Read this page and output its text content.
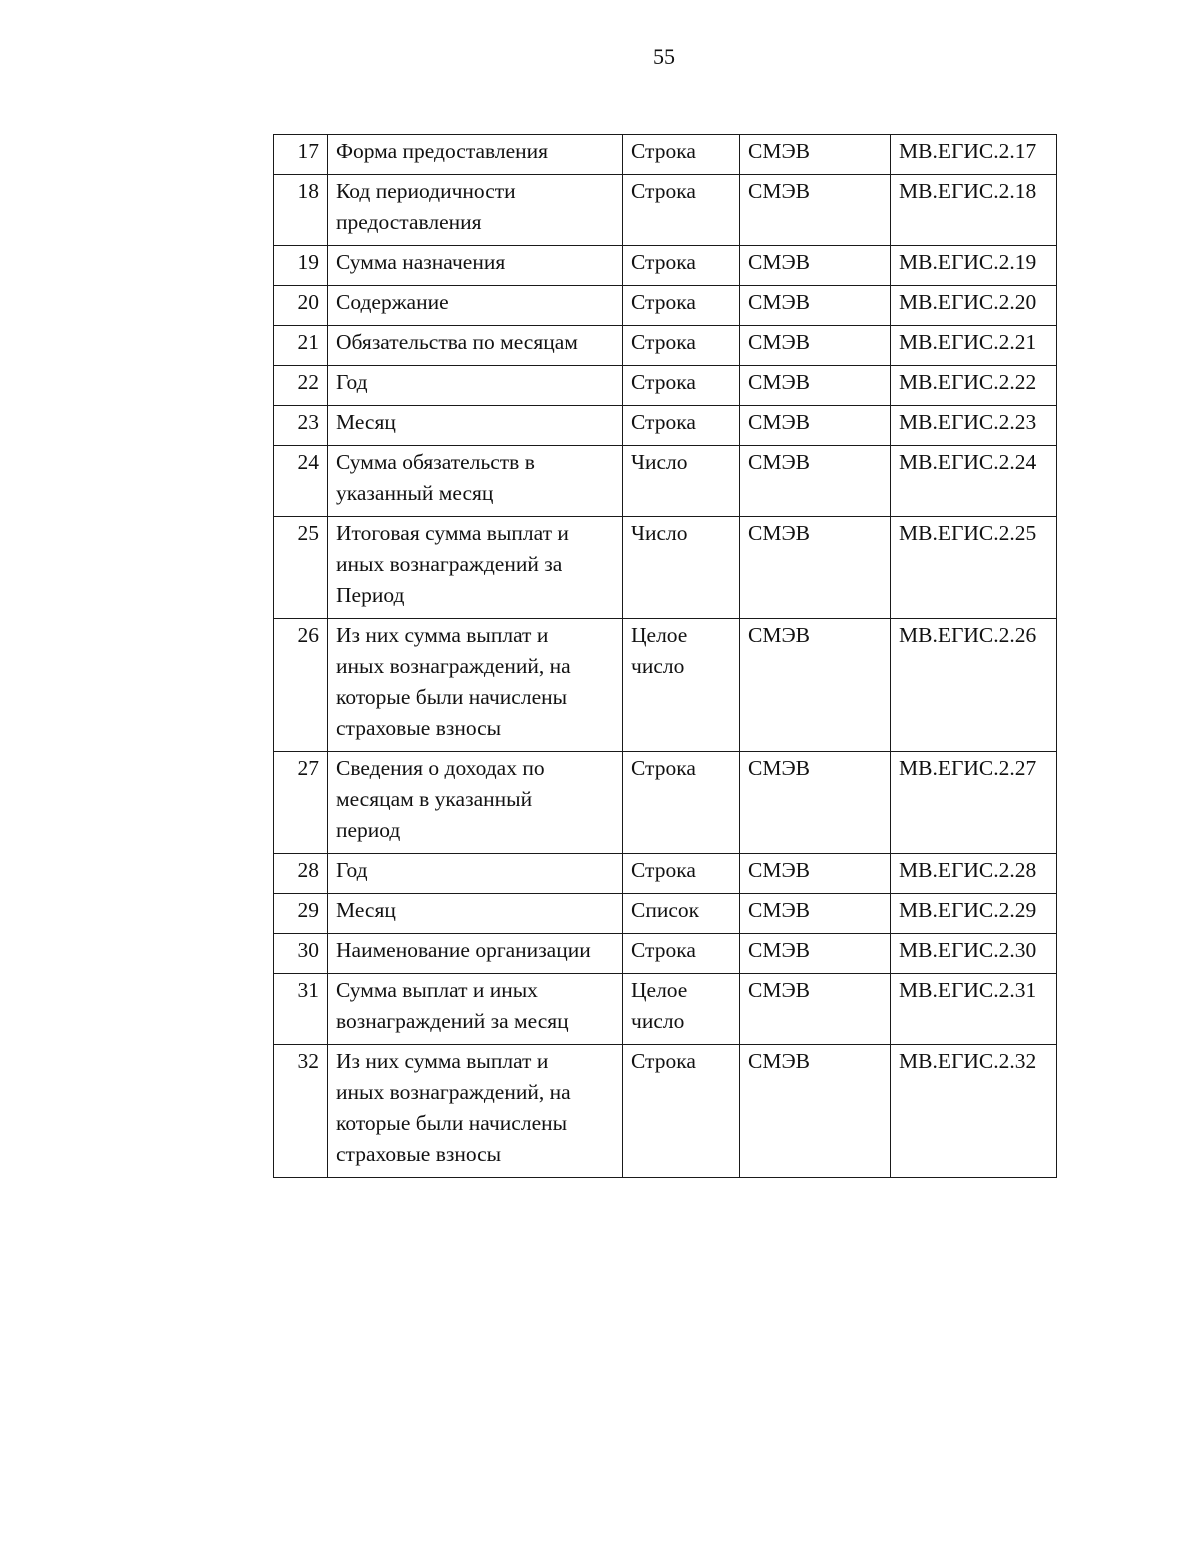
55
17	Форма предоставления	Строка	СМЭВ	МВ.ЕГИС.2.17
18	Код периодичности
предоставления	Строка	СМЭВ	МВ.ЕГИС.2.18
19	Сумма назначения	Строка	СМЭВ	МВ.ЕГИС.2.19
20	Содержание	Строка	СМЭВ	МВ.ЕГИС.2.20
21	Обязательства по месяцам	Строка	СМЭВ	МВ.ЕГИС.2.21
22	Год	Строка	СМЭВ	МВ.ЕГИС.2.22
23	Месяц	Строка	СМЭВ	МВ.ЕГИС.2.23
24	Сумма обязательств в
указанный месяц	Число	СМЭВ	МВ.ЕГИС.2.24
25	Итоговая сумма выплат и
иных вознаграждений за
Период	Число	СМЭВ	МВ.ЕГИС.2.25
26	Из них сумма выплат и
иных вознаграждений, на
которые были начислены
страховые взносы	Целое
число	СМЭВ	МВ.ЕГИС.2.26
27	Сведения о доходах по
месяцам в указанный
период	Строка	СМЭВ	МВ.ЕГИС.2.27
28	Год	Строка	СМЭВ	МВ.ЕГИС.2.28
29	Месяц	Список	СМЭВ	МВ.ЕГИС.2.29
30	Наименование организации	Строка	СМЭВ	МВ.ЕГИС.2.30
31	Сумма выплат и иных
вознаграждений за месяц	Целое
число	СМЭВ	МВ.ЕГИС.2.31
32	Из них сумма выплат и
иных вознаграждений, на
которые были начислены
страховые взносы	Строка	СМЭВ	МВ.ЕГИС.2.32
